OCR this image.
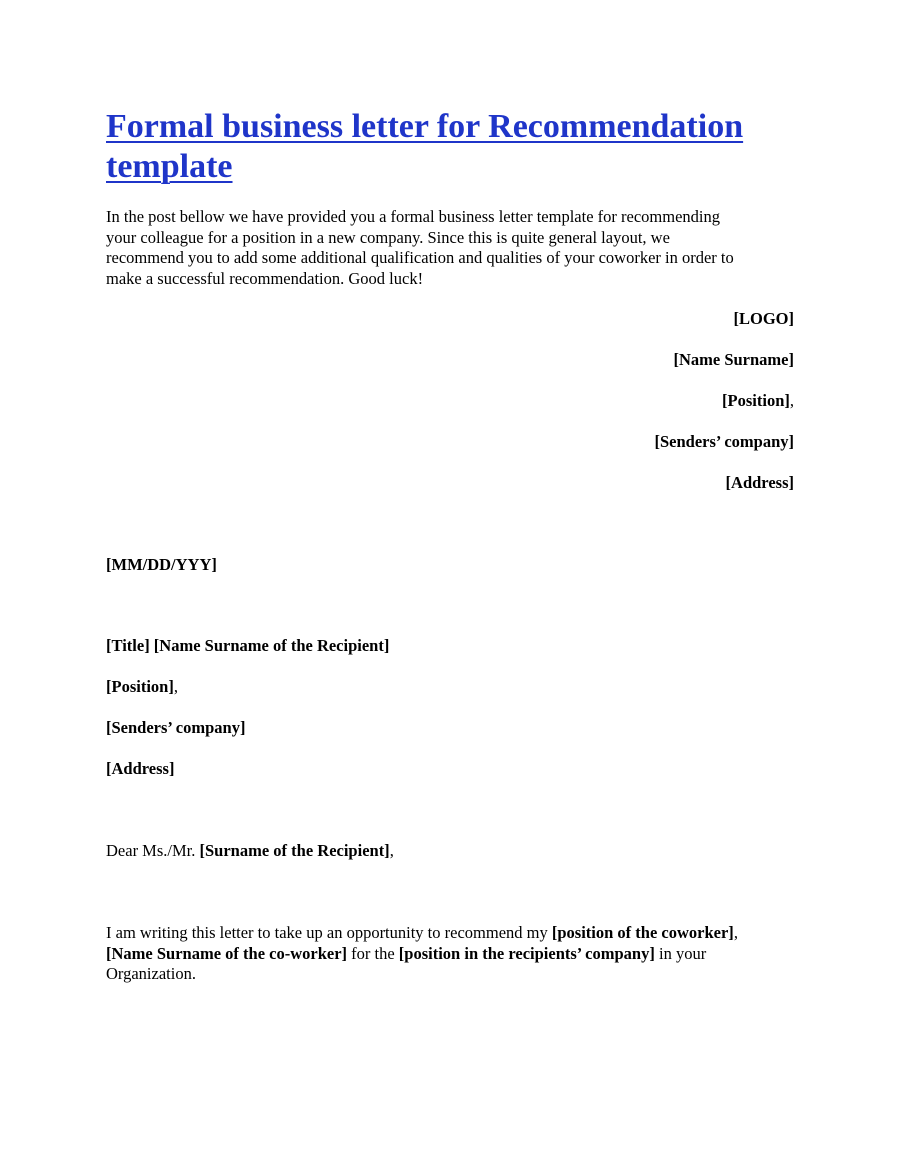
Formal business letter for Recommendation
template

In the post bellow we have provided you a formal business letter template for recommending
your colleague for a position in a new company. Since this is quite general layout, we
recommend you to add some additional qualification and qualities of your coworker in order to
make a successful recommendation. Good luck!

[LOGO]
[Name Surname]
[Position],
[Senders’ company]
[Address]
[MM/DD/YYY]
[Title] [Name Surname of the Recipient]
[Position],
[Senders’ company]
[Address]
Dear Ms./Mr. [Surname of the Recipient],
I am writing this letter to take up an opportunity to recommend my [position of the coworker],
[Name Surname of the co-worker] for the [position in the recipients’ company] in your
Organization.
